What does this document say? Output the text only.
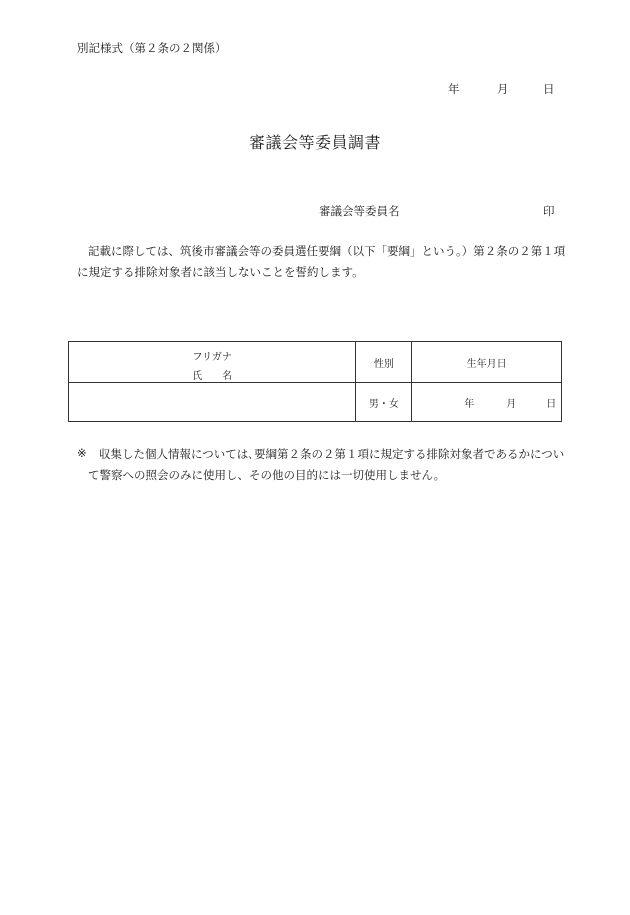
別記様式（第２条の２関係）
年	月	日
審議会等委員調書
審議会等委員名	印
記載に際しては、筑後市審議会等の委員選任要綱（以下「要綱」という。）第２条の２第１項
に規定する排除対象者に該当しないことを誓約します。
フリガナ
氏　　名	性別	生年月日
	男・女	年 月 日
※ 収集した個人情報については､要綱第２条の２第１項に規定する排除対象者であるかについ
て警察への照会のみに使用し、その他の目的には一切使用しません。
